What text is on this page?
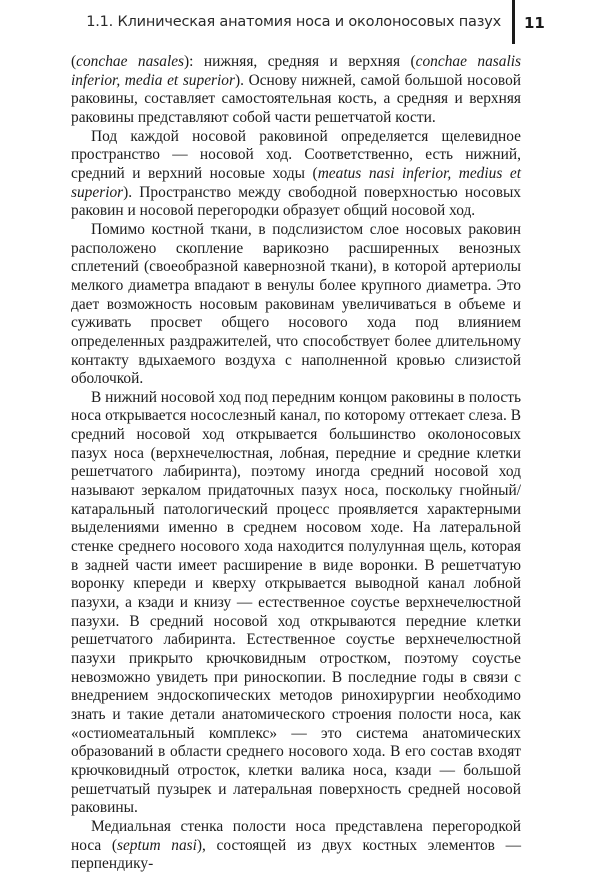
1.1. Клиническая анатомия носа и околоносовых пазух 11

(conchae nasales): нижняя, средняя и верхняя (conchae nasalis inferior, media et superior). Основу нижней, самой большой носовой раковины, составляет самостоятельная кость, а средняя и верхняя раковины представляют собой части решетчатой кости.

Под каждой носовой раковиной определяется щелевидное пространство — носовой ход. Соответственно, есть нижний, средний и верхний носовые ходы (meatus nasi inferior, medius et superior). Пространство между свободной поверхностью носовых раковин и носовой перегородки образует общий носовой ход.

Помимо костной ткани, в подслизистом слое носовых раковин расположено скопление варикозно расширенных венозных сплетений (своеобразной кавернозной ткани), в которой артериолы мелкого диаметра впадают в венулы более крупного диаметра. Это дает возможность носовым раковинам увеличиваться в объеме и суживать просвет общего носового хода под влиянием определенных раздражителей, что способствует более длительному контакту вдыхаемого воздуха с наполненной кровью слизистой оболочкой.

В нижний носовой ход под передним концом раковины в полость носа открывается носослезный канал, по которому оттекает слеза. В средний носовой ход открывается большинство околоносовых пазух носа (верхнечелюстная, лобная, передние и средние клетки решетчатого лабиринта), поэтому иногда средний носовой ход называют зеркалом придаточных пазух носа, поскольку гнойный/катаральный патологический процесс проявляется характерными выделениями именно в среднем носовом ходе. На латеральной стенке среднего носового хода находится полулунная щель, которая в задней части имеет расширение в виде воронки. В решетчатую воронку кпереди и кверху открывается выводной канал лобной пазухи, а кзади и книзу — естественное соустье верхнечелюстной пазухи. В средний носовой ход открываются передние клетки решетчатого лабиринта. Естественное соустье верхнечелюстной пазухи прикрыто крючковидным отростком, поэтому соустье невозможно увидеть при риноскопии. В последние годы в связи с внедрением эндоскопических методов ринохирургии необходимо знать и такие детали анатомического строения полости носа, как «остиомеатальный комплекс» — это система анатомических образований в области среднего носового хода. В его состав входят крючковидный отросток, клетки валика носа, кзади — большой решетчатый пузырек и латеральная поверхность средней носовой раковины.

Медиальная стенка полости носа представлена перегородкой носа (septum nasi), состоящей из двух костных элементов — перпендику-
